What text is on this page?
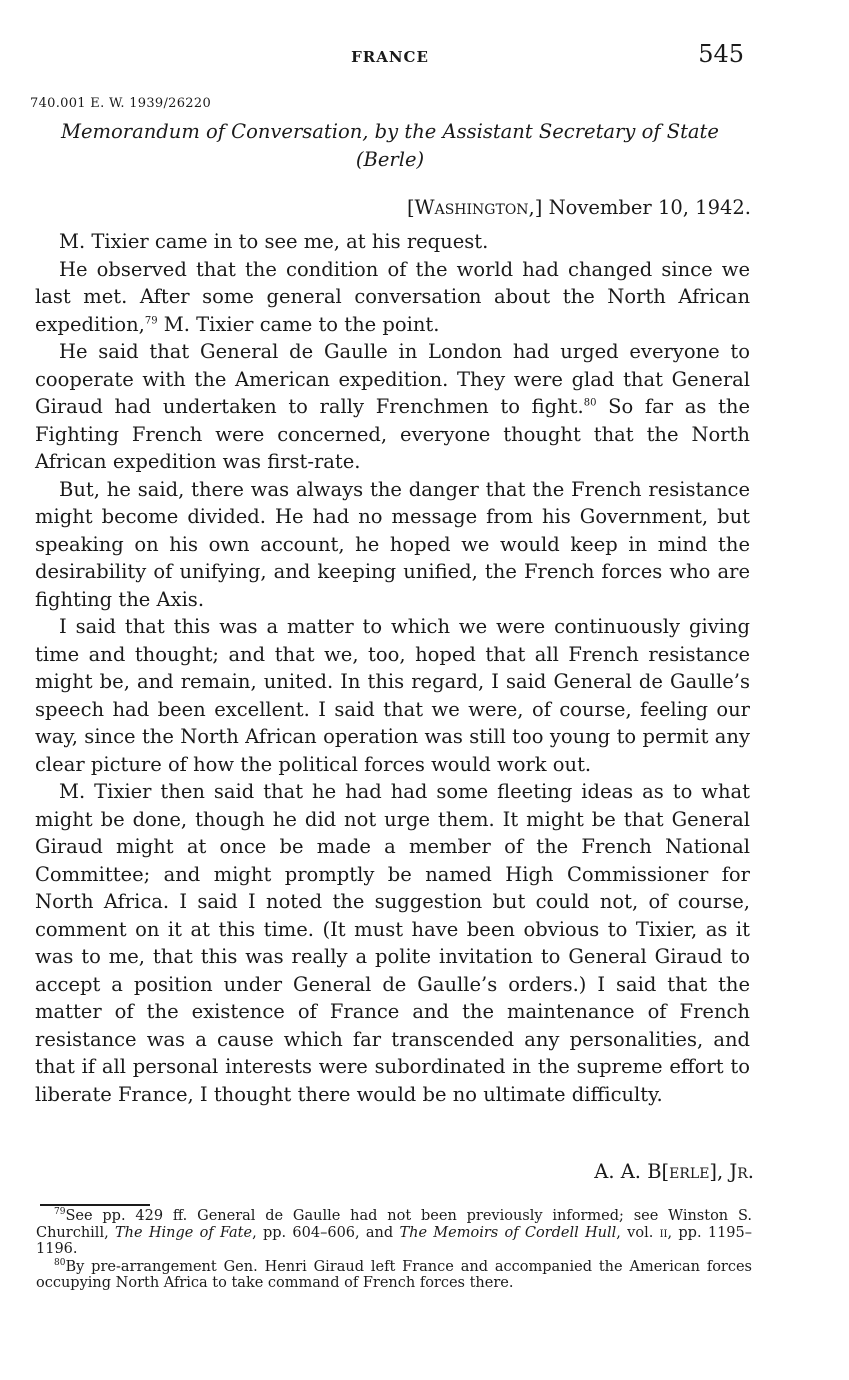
FRANCE	545
740.001 E. W. 1939/26220
Memorandum of Conversation, by the Assistant Secretary of State
(Berle)
[Washington,] November 10, 1942.

M. Tixier came in to see me, at his request.

He observed that the condition of the world had changed since we last met. After some general conversation about the North African expedition,$^{79}$ M. Tixier came to the point.

He said that General de Gaulle in London had urged everyone to cooperate with the American expedition. They were glad that General Giraud had undertaken to rally Frenchmen to fight.$^{80}$ So far as the Fighting French were concerned, everyone thought that the North African expedition was first-rate.

But, he said, there was always the danger that the French resistance might become divided. He had no message from his Government, but speaking on his own account, he hoped we would keep in mind the desirability of unifying, and keeping unified, the French forces who are fighting the Axis.

I said that this was a matter to which we were continuously giving time and thought; and that we, too, hoped that all French resistance might be, and remain, united. In this regard, I said General de Gaulle’s speech had been excellent. I said that we were, of course, feeling our way, since the North African operation was still too young to permit any clear picture of how the political forces would work out.

M. Tixier then said that he had had some fleeting ideas as to what might be done, though he did not urge them. It might be that General Giraud might at once be made a member of the French National Committee; and might promptly be named High Commissioner for North Africa. I said I noted the suggestion but could not, of course, comment on it at this time. (It must have been obvious to Tixier, as it was to me, that this was really a polite invitation to General Giraud to accept a position under General de Gaulle’s orders.) I said that the matter of the existence of France and the maintenance of French resistance was a cause which far transcended any personalities, and that if all personal interests were subordinated in the supreme effort to liberate France, I thought there would be no ultimate difficulty.

A. A. B[erle], Jr.

$^{79}$See pp. 429 ff. General de Gaulle had not been previously informed; see Winston S. Churchill, The Hinge of Fate, pp. 604–606, and The Memoirs of Cordell Hull, vol. ii, pp. 1195–1196.

$^{80}$By pre-arrangement Gen. Henri Giraud left France and accompanied the American forces occupying North Africa to take command of French forces there.
